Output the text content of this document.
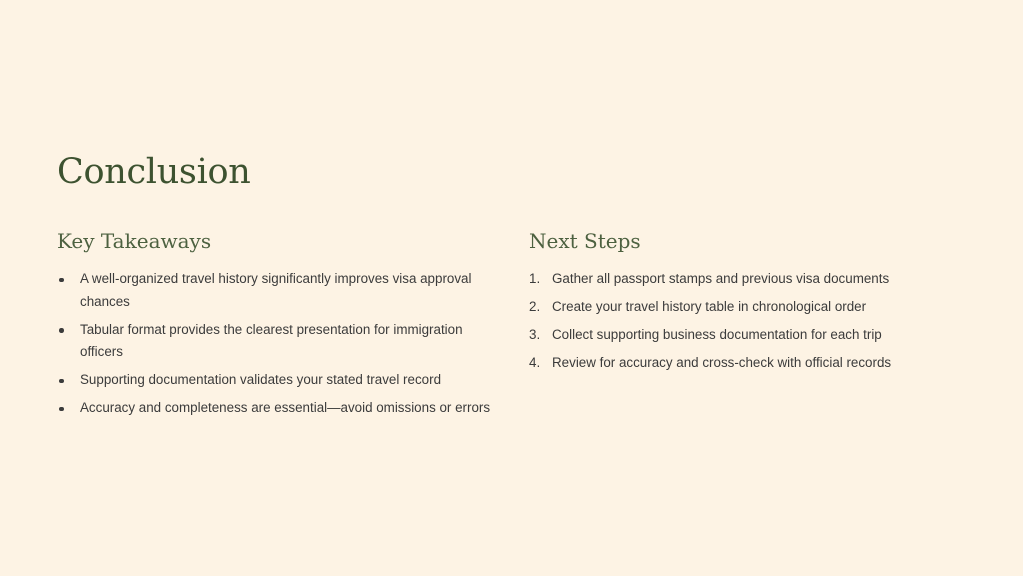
Conclusion
Key Takeaways
A well-organized travel history significantly improves visa approval chances
Tabular format provides the clearest presentation for immigration officers
Supporting documentation validates your stated travel record
Accuracy and completeness are essential—avoid omissions or errors
Next Steps
1. Gather all passport stamps and previous visa documents
2. Create your travel history table in chronological order
3. Collect supporting business documentation for each trip
4. Review for accuracy and cross-check with official records
